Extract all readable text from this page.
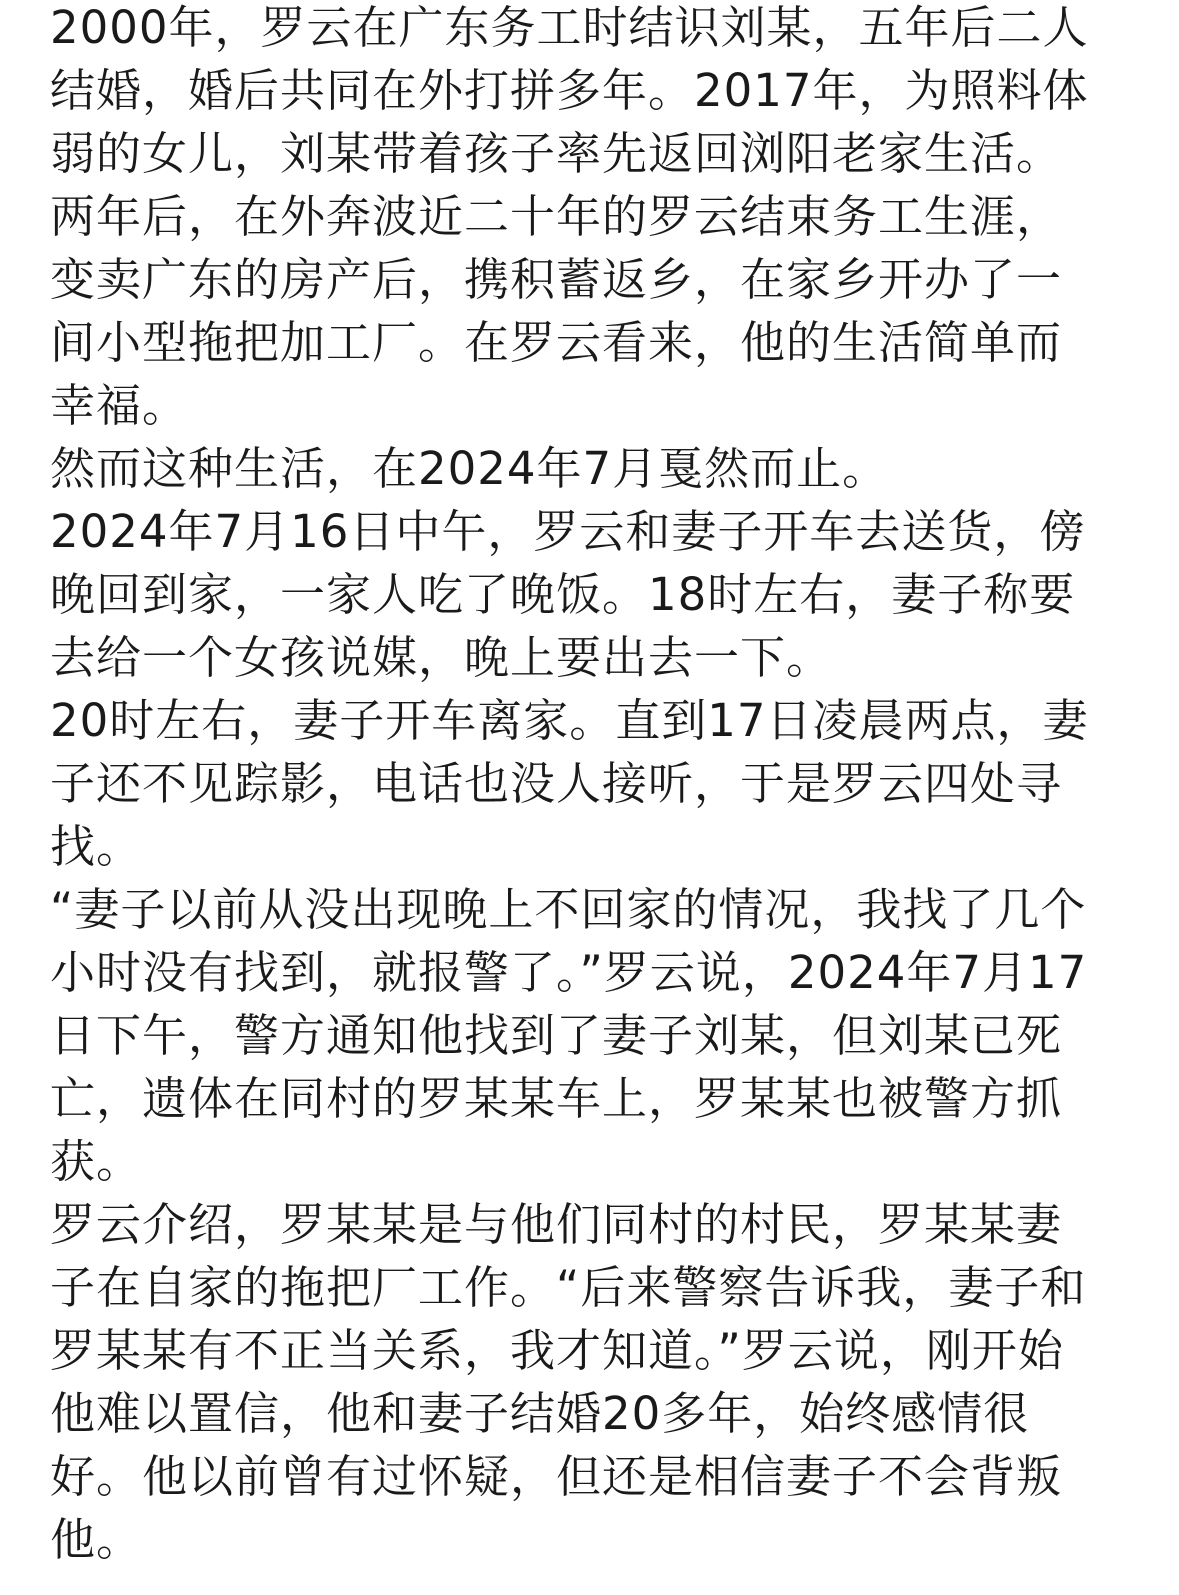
2000年，罗云在广东务工时结识刘某，五年后二人
结婚，婚后共同在外打拼多年。2017年，为照料体
弱的女儿，刘某带着孩子率先返回浏阳老家生活。
两年后，在外奔波近二十年的罗云结束务工生涯，
变卖广东的房产后，携积蓄返乡，在家乡开办了一
间小型拖把加工厂。在罗云看来，他的生活简单而
幸福。

然而这种生活，在2024年7月戛然而止。

2024年7月16日中午，罗云和妻子开车去送货，傍
晚回到家，一家人吃了晚饭。18时左右，妻子称要
去给一个女孩说媒，晚上要出去一下。

20时左右，妻子开车离家。直到17日凌晨两点，妻
子还不见踪影，电话也没人接听，于是罗云四处寻
找。

“妻子以前从没出现晚上不回家的情况，我找了几个
小时没有找到，就报警了。”罗云说，2024年7月17
日下午，警方通知他找到了妻子刘某，但刘某已死
亡，遗体在同村的罗某某车上，罗某某也被警方抓
获。

罗云介绍，罗某某是与他们同村的村民，罗某某妻
子在自家的拖把厂工作。“后来警察告诉我，妻子和
罗某某有不正当关系，我才知道。”罗云说，刚开始
他难以置信，他和妻子结婚20多年，始终感情很
好。他以前曾有过怀疑，但还是相信妻子不会背叛
他。
